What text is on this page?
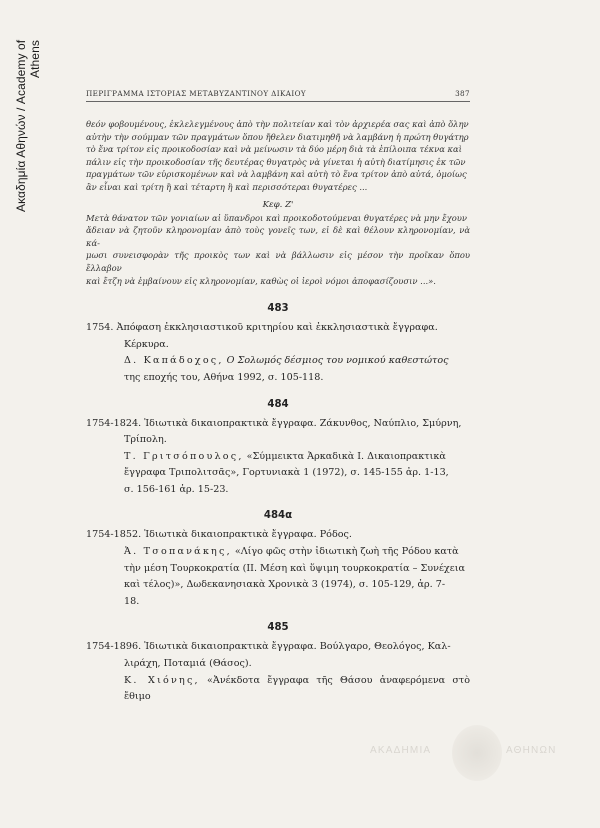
Ακαδημία Αθηνών / Academy of Athens
ΠΕΡΙΓΡΑΜΜΑ ΙΣΤΟΡΙΑΣ ΜΕΤΑΒΥΖΑΝΤΙΝΟΥ ΔΙΚΑΙΟΥ	387
θεόν φοβουμένους, ἐκλελεγμένους ἀπὸ τὴν πολιτείαν καὶ τὸν ἀρχιερέα σας καὶ ἀπὸ ὅλην
αὐτὴν τὴν σούμμαν τῶν πραγμάτων ὅπου ἤθελεν διατιμηθῆ νὰ λαμβάνη ἡ πρώτη θυγάτηρ
τὸ ἕνα τρίτον εἰς προικοδοσίαν καὶ νὰ μείνωσιν τὰ δύο μέρη διὰ τὰ ἐπίλοιπα τέκνα καὶ
πάλιν εἰς τὴν προικοδοσίαν τῆς δευτέρας θυγατρὸς νὰ γίνεται ἡ αὐτὴ διατίμησις ἐκ τῶν
πραγμάτων τῶν εὑρισκομένων καὶ νὰ λαμβάνη καὶ αὐτὴ τὸ ἕνα τρίτον ἀπὸ αὐτά, ὁμοίως
ἂν εἶναι καὶ τρίτη ἢ καὶ τέταρτη ἢ καὶ περισσότεραι θυγατέρες ...
Κεφ. Ζ'
Μετὰ θάνατον τῶν γονιαίων αἱ ὕπανδροι καὶ προικοδοτούμεναι θυγατέρες νὰ μην ἔχουν
ἄδειαν νὰ ζητοῦν κληρονομίαν ἀπὸ τοὺς γονεῖς των, εἰ δὲ καὶ θέλουν κληρονομίαν, νὰ κά-
μωσι συνεισφορὰν τῆς προικὸς των καὶ νὰ βάλλωσιν εἰς μέσον τὴν προῖκαν ὅπου ἔλλαβον
καὶ ἔτζη νὰ ἐμβαίνουν εἰς κληρονομίαν, καθὼς οἱ ἱεροὶ νόμοι ἀποφασίζουσιν ...».
483
1754. Ἀπόφαση ἐκκλησιαστικοῦ κριτηρίου καὶ ἐκκλησιαστικὰ ἔγγραφα.
Κέρκυρα.
Δ. Καπάδοχος, Ο Σολωμός δέσμιος του νομικού καθεστώτος
της εποχής του, Αθήνα 1992, σ. 105-118.
484
1754-1824. Ἰδιωτικὰ δικαιοπρακτικὰ ἔγγραφα. Ζάκυνθος, Ναύπλιο, Σμύρνη,
Τρίπολη.
Τ. Γριτσόπουλος, «Σύμμεικτα Ἀρκαδικὰ Ι. Δικαιοπρακτικὰ
ἔγγραφα Τριπολιτσᾶς», Γορτυνιακὰ 1 (1972), σ. 145-155 ἀρ. 1-13,
σ. 156-161 ἀρ. 15-23.
484α
1754-1852. Ἰδιωτικὰ δικαιοπρακτικὰ ἔγγραφα. Ρόδος.
Ἀ. Τσοπανάκης, «Λίγο φῶς στὴν ἰδιωτικὴ ζωὴ τῆς Ρόδου κατὰ
τὴν μέση Τουρκοκρατία (ΙΙ. Μέση καὶ ὕψιμη τουρκοκρατία – Συνέχεια
καὶ τέλος)», Δωδεκανησιακὰ Χρονικὰ 3 (1974), σ. 105-129, ἀρ. 7-
18.
485
1754-1896. Ἰδιωτικὰ δικαιοπρακτικὰ ἔγγραφα. Βούλγαρο, Θεολόγος, Καλ-
λιράχη, Ποταμιά (Θάσος).
Κ. Χιόνης, «Ἀνέκδοτα ἔγγραφα τῆς Θάσου ἀναφερόμενα στὸ ἔθιμο
ΑΚΑΔΗΜΙΑ	ΑΘΗΝΩΝ
